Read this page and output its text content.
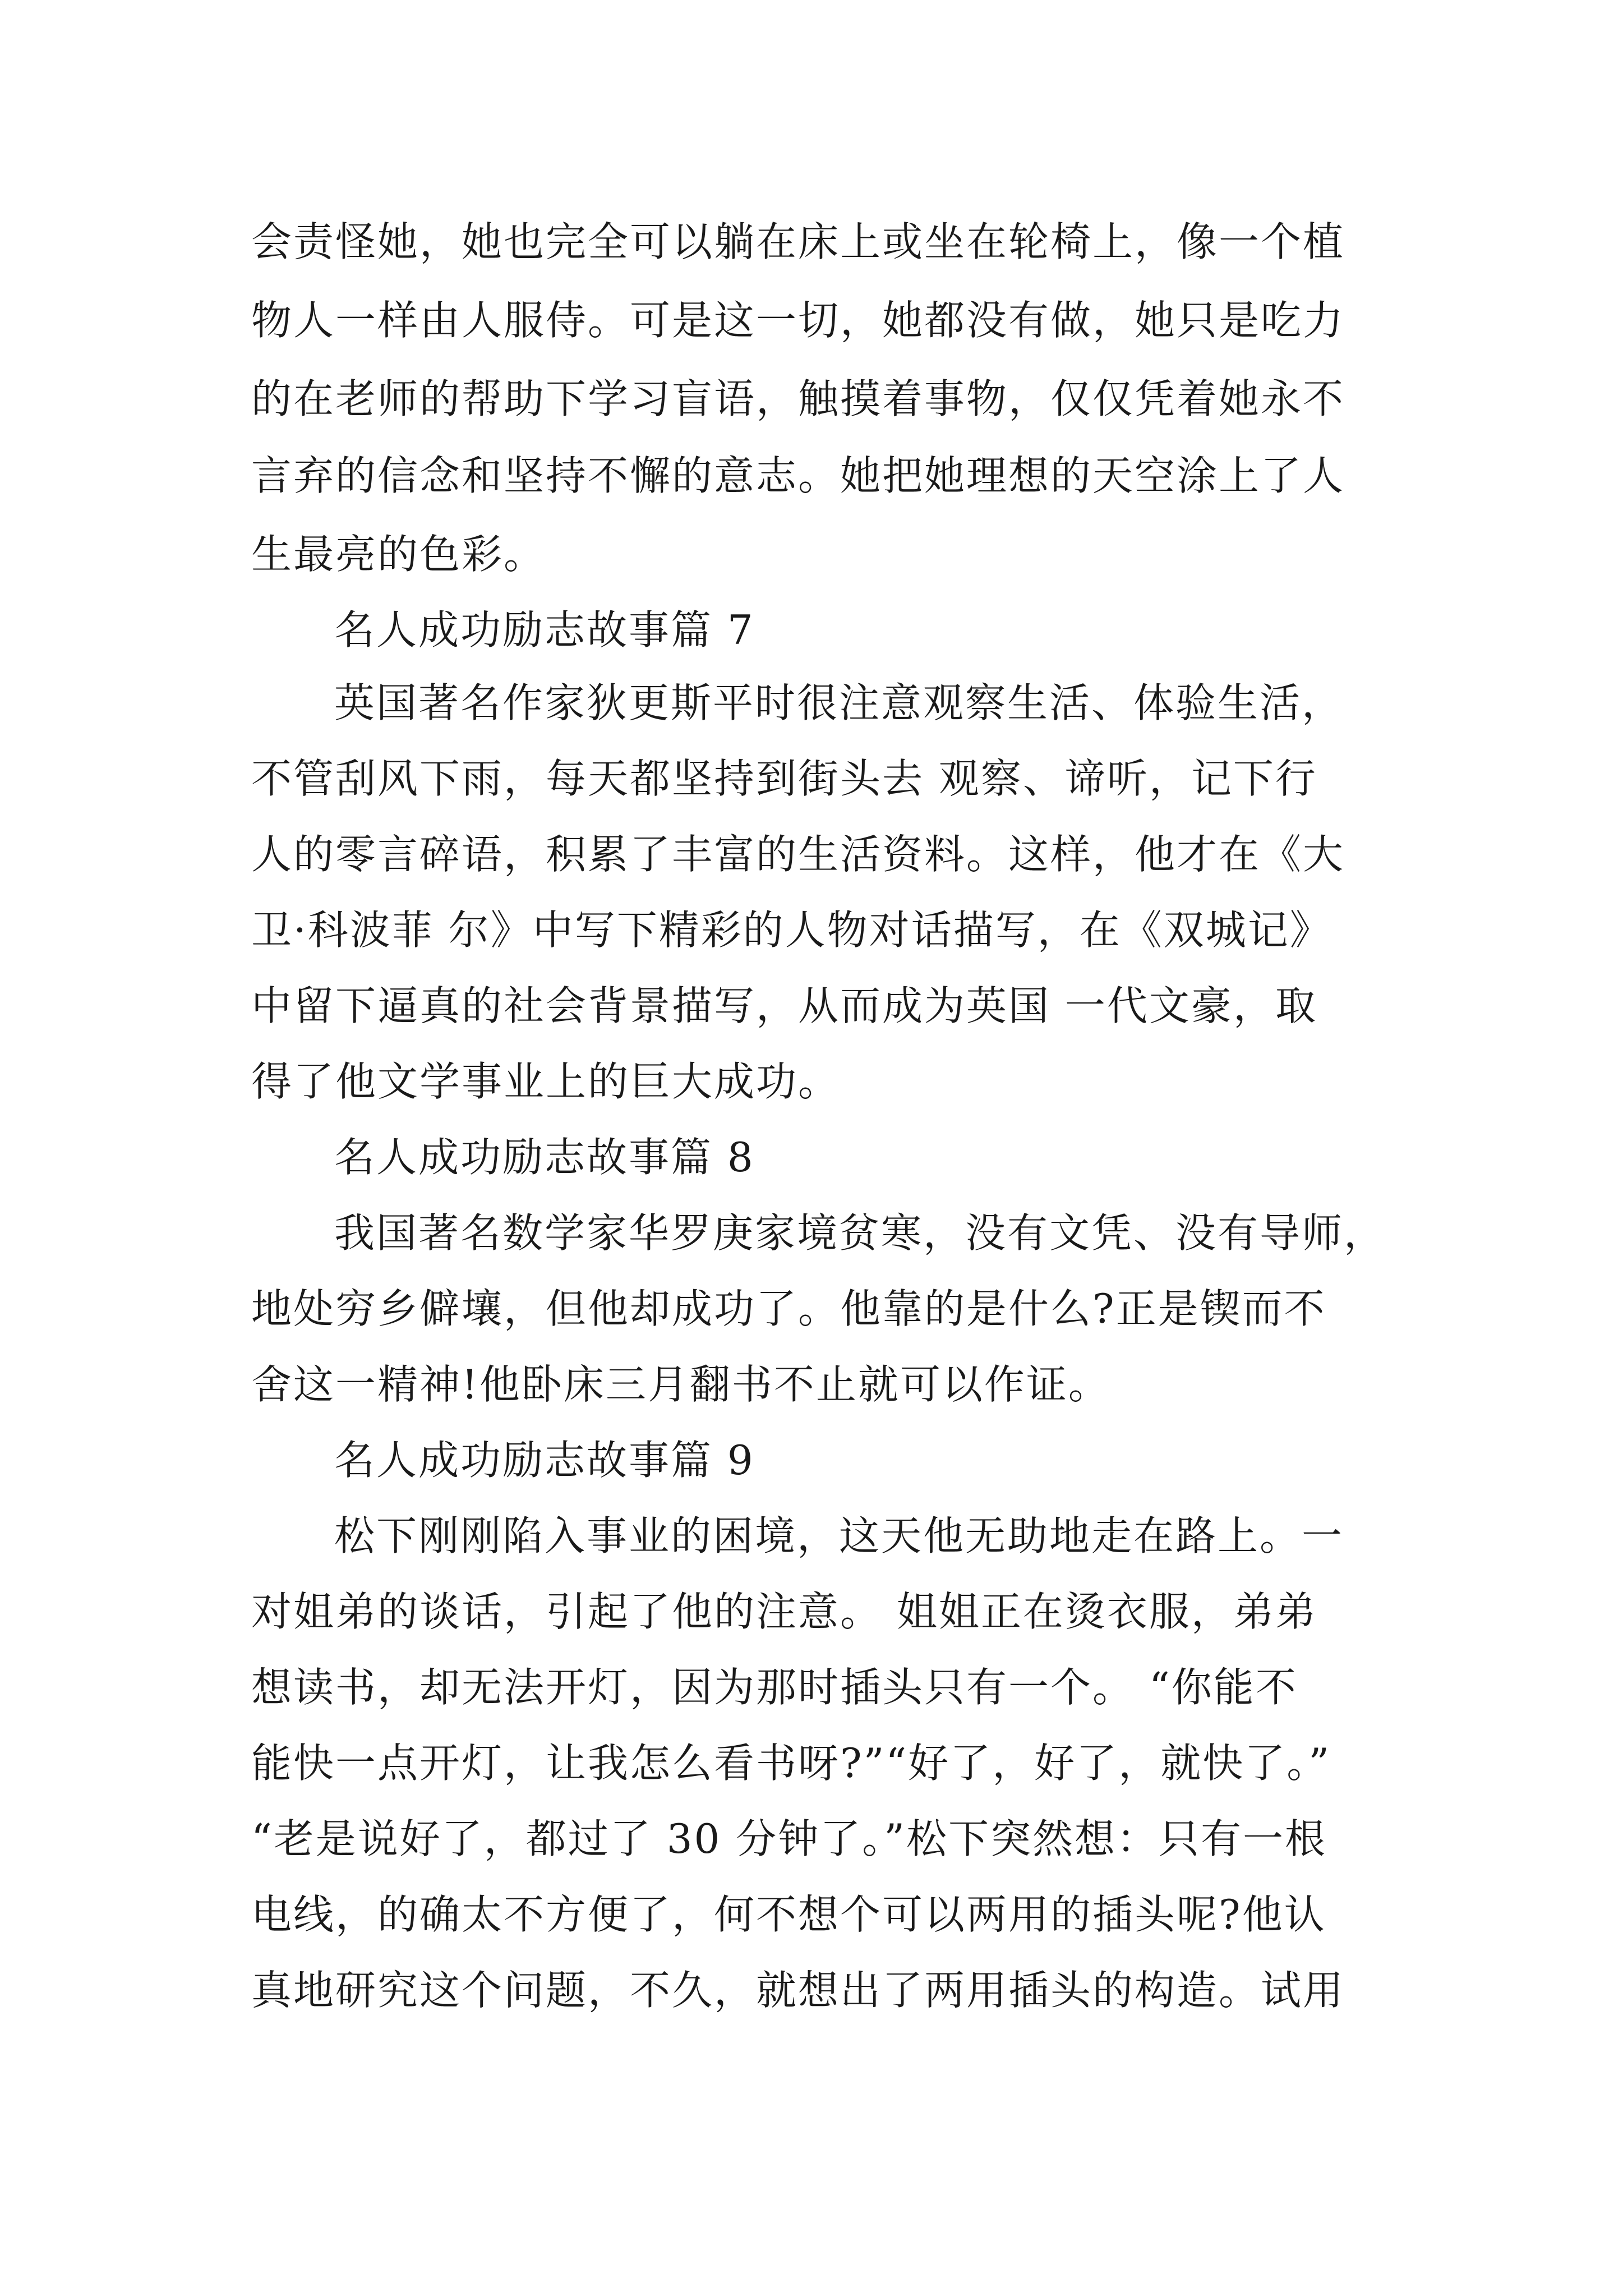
会责怪她，她也完全可以躺在床上或坐在轮椅上，像一个植
物人一样由人服侍。可是这一切，她都没有做，她只是吃力
的在老师的帮助下学习盲语，触摸着事物，仅仅凭着她永不
言弃的信念和坚持不懈的意志。她把她理想的天空涂上了人
生最亮的色彩。
名人成功励志故事篇 7
英国著名作家狄更斯平时很注意观察生活、体验生活，
不管刮风下雨，每天都坚持到街头去 观察、谛听，记下行
人的零言碎语，积累了丰富的生活资料。这样，他才在《大
卫·科波菲 尔》中写下精彩的人物对话描写，在《双城记》
中留下逼真的社会背景描写，从而成为英国 一代文豪，取
得了他文学事业上的巨大成功。
名人成功励志故事篇 8
我国著名数学家华罗庚家境贫寒，没有文凭、没有导师，
地处穷乡僻壤，但他却成功了。他靠的是什么?正是锲而不
舍这一精神!他卧床三月翻书不止就可以作证。
名人成功励志故事篇 9
松下刚刚陷入事业的困境，这天他无助地走在路上。一
对姐弟的谈话，引起了他的注意。 姐姐正在烫衣服，弟弟
想读书，却无法开灯，因为那时插头只有一个。 “你能不
能快一点开灯，让我怎么看书呀?”“好了，好了，就快了。”
“老是说好了，都过了 30 分钟了。”松下突然想：只有一根
电线，的确太不方便了，何不想个可以两用的插头呢?他认
真地研究这个问题，不久，就想出了两用插头的构造。试用
